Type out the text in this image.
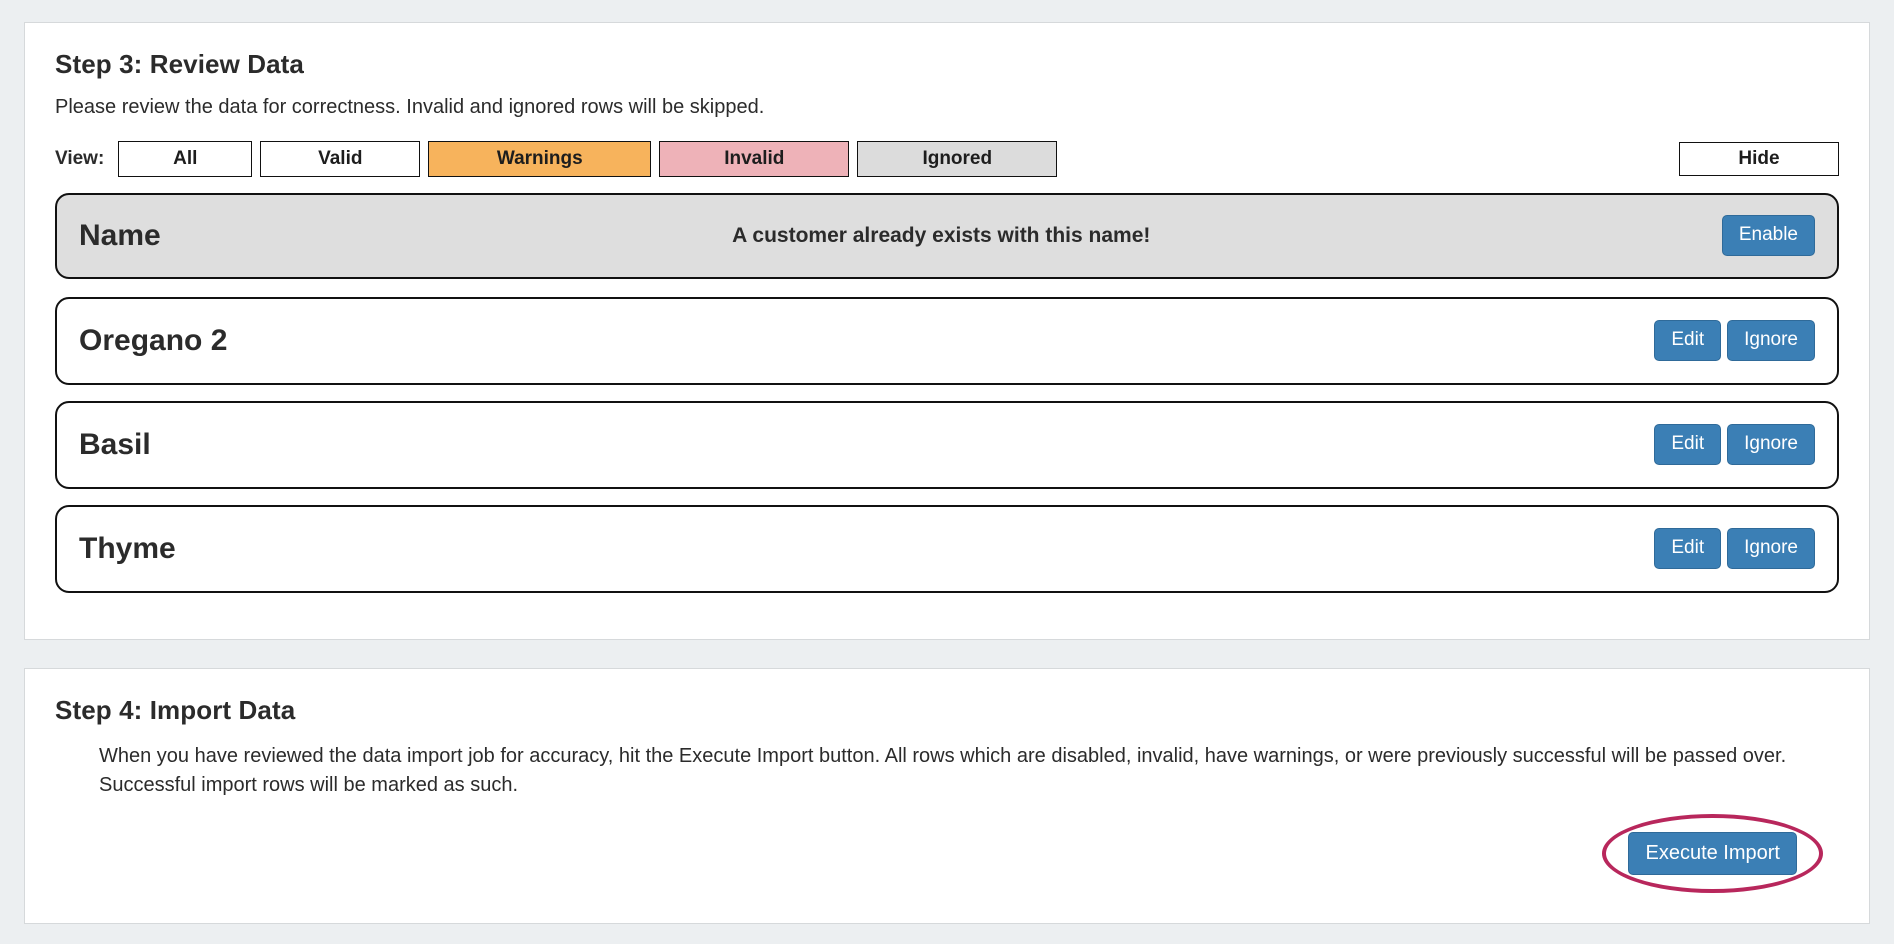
Step 3: Review Data

Please review the data for correctness. Invalid and ignored rows will be skipped.

View:	All	Valid	Warnings	Invalid	Ignored	Hide
Name	A customer already exists with this name!	Enable
Oregano 2	Edit	Ignore
Basil	Edit	Ignore
Thyme	Edit	Ignore
Step 4: Import Data

When you have reviewed the data import job for accuracy, hit the Execute Import button. All rows which are disabled, invalid, have warnings, or were previously successful will be passed over. Successful import rows will be marked as such.

Execute Import
